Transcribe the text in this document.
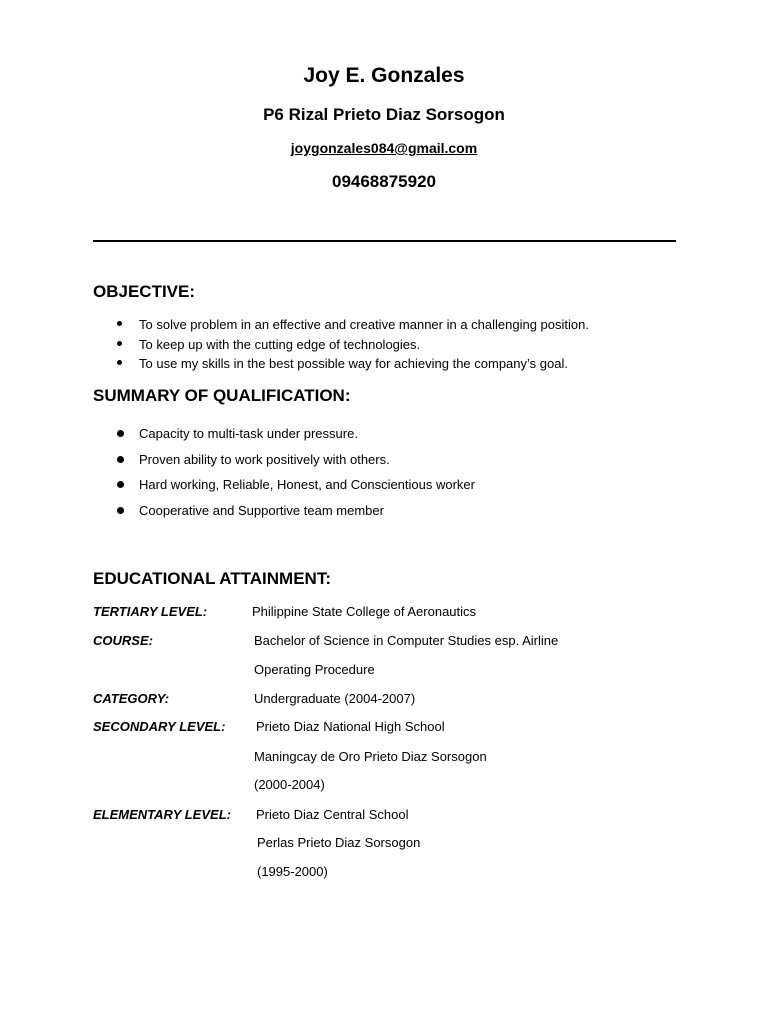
Joy E. Gonzales
P6 Rizal Prieto Diaz Sorsogon
joygonzales084@gmail.com
09468875920
OBJECTIVE:
To solve problem in an effective and creative manner in a challenging position.
To keep up with the cutting edge of technologies.
To use my skills in the best possible way for achieving the company’s goal.
SUMMARY OF QUALIFICATION:
Capacity to multi-task under pressure.
Proven ability to work positively with others.
Hard working, Reliable, Honest, and Conscientious worker
Cooperative and Supportive team member
EDUCATIONAL ATTAINMENT:
TERTIARY LEVEL:	Philippine State College of Aeronautics
COURSE:	Bachelor of Science in Computer Studies esp. Airline
Operating Procedure
CATEGORY:	Undergraduate (2004-2007)
SECONDARY LEVEL: Prieto Diaz National High School
Maningcay de Oro Prieto Diaz Sorsogon
(2000-2004)
ELEMENTARY LEVEL: Prieto Diaz Central School
Perlas Prieto Diaz Sorsogon
(1995-2000)
